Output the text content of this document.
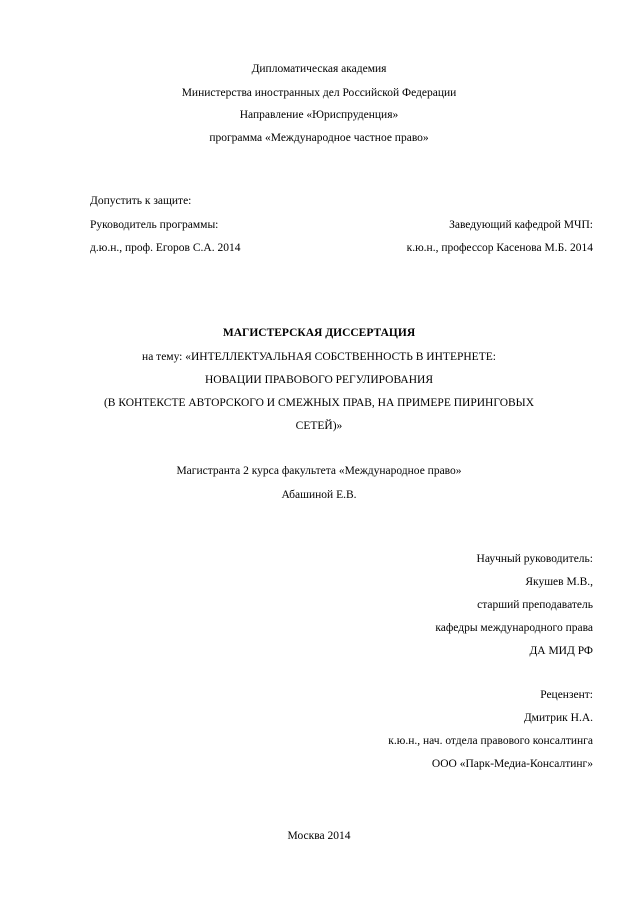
Дипломатическая академия
Министерства иностранных дел Российской Федерации
Направление «Юриспруденция»
программа «Международное частное право»
Допустить к защите:
Руководитель программы:	Заведующий кафедрой МЧП:
д.ю.н., проф. Егоров С.А. 2014	к.ю.н., профессор Касенова М.Б. 2014
МАГИСТЕРСКАЯ ДИССЕРТАЦИЯ
на тему: «ИНТЕЛЛЕКТУАЛЬНАЯ СОБСТВЕННОСТЬ В ИНТЕРНЕТЕ:
НОВАЦИИ ПРАВОВОГО РЕГУЛИРОВАНИЯ
(В КОНТЕКСТЕ АВТОРСКОГО И СМЕЖНЫХ ПРАВ, НА ПРИМЕРЕ ПИРИНГОВЫХ
СЕТЕЙ)»
Магистранта 2 курса факультета «Международное право»
Абашиной Е.В.
Научный руководитель:
Якушев М.В.,
старший преподаватель
кафедры международного права
ДА МИД РФ
Рецензент:
Дмитрик Н.А.
к.ю.н., нач. отдела правового консалтинга
ООО «Парк-Медиа-Консалтинг»
Москва 2014
